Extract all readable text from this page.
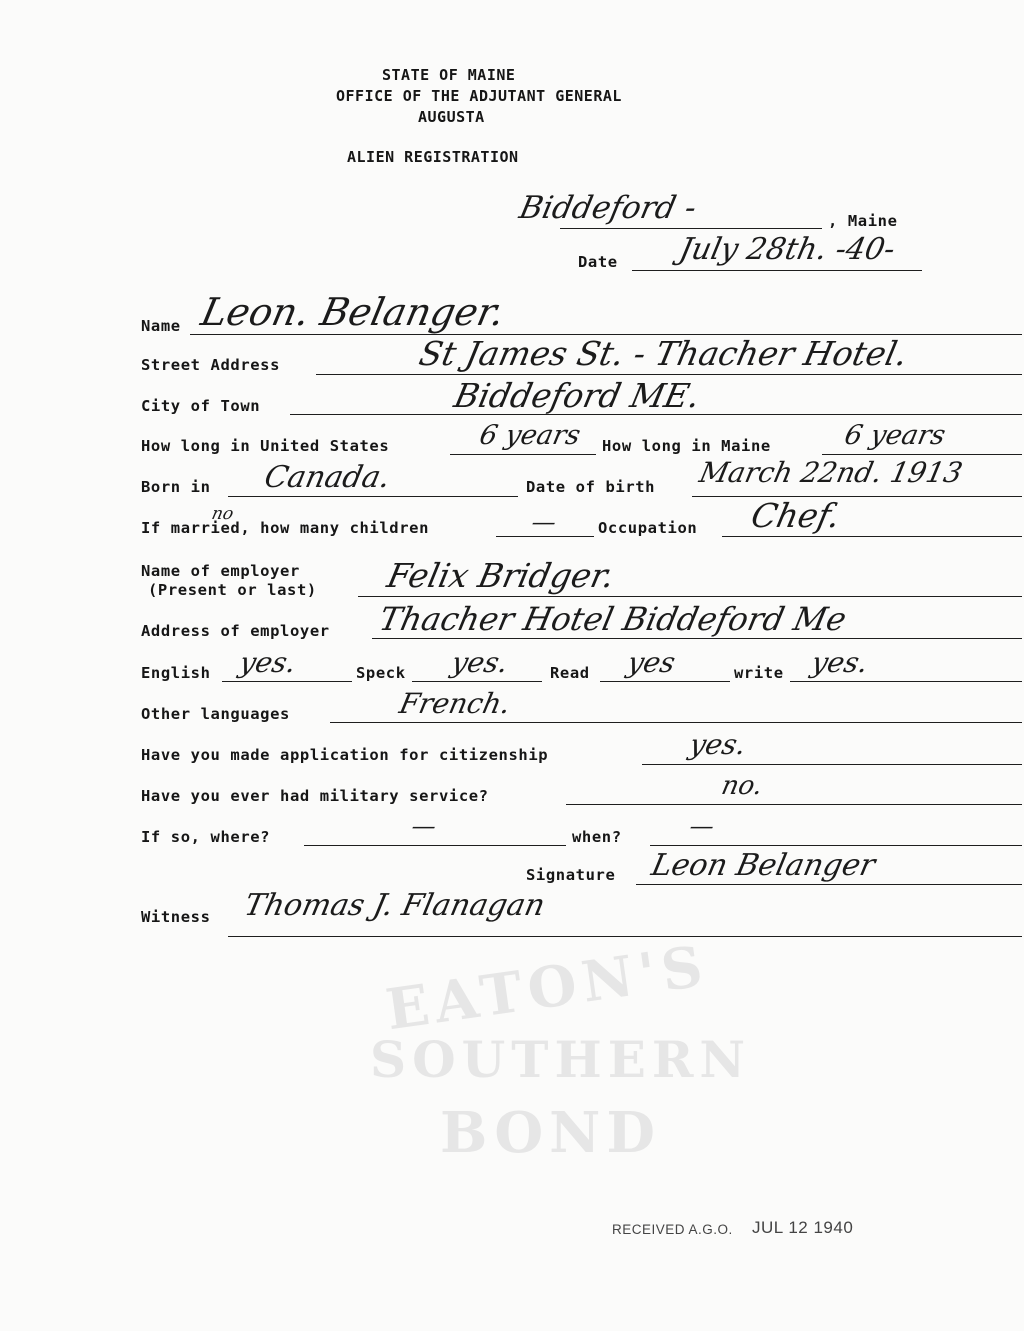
EATON'S
SOUTHERN
BOND
STATE OF MAINE
OFFICE OF THE ADJUTANT GENERAL
AUGUSTA
ALIEN REGISTRATION
Biddeford -	, Maine
Date July 28th. -40-
Name Leon. Belanger.
Street Address	St James St. - Thacher Hotel.
City of Town	Biddeford ME.
How long in United States	6 years How long in Maine	6 years
Born in Canada.	Date of birth March 22nd. 1913
no
If married, how many children	—	Occupation Chef.
Name of employer
(Present or last) Felix Bridger.
Address of employer Thacher Hotel Biddeford Me
English yes.	Speck yes.	Read yes	write yes.
Other languages	French.
Have you made application for citizenship	yes.
Have you ever had military service?	no.
If so, where?	—	when?	—
Signature Leon Belanger
Witness Thomas J. Flanagan
RECEIVED A.G.O. JUL 12 1940
